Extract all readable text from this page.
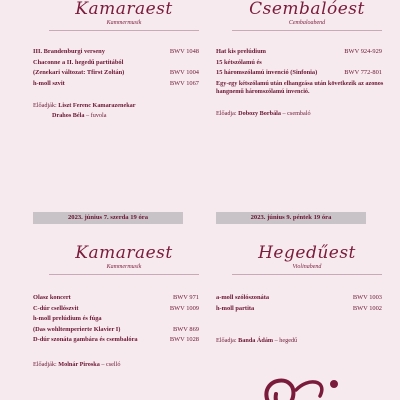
Kamaraest
Kammermusik
III. Brandenburgi verseny	BWV 1048
Chaconne a II. hegedű partitából
(Zenekari változat: Tfirst Zoltán)	BWV 1004
h-moll szvit	BWV 1067
Előadják: Liszt Ferenc Kamarazenekar
Drahos Béla – fuvola
Csembalóest
Cembaloabend
Hat kis prelúdium	BWV 924-929
15 kétszólamú és
15 háromszólamú invenció (Sinfonia)	BWV 772-801
Egy-egy kétszólamú után elhangzása után következik az azonos hangnemű háromszólamú invenció.
Előadja: Dobozy Borbála – csembaló
2023. június 7. szerda 19 óra	2023. június 9. péntek 19 óra
Kamaraest
Kammermusik
Olasz koncert	BWV 971
C-dúr csellószvit	BWV 1009
h-moll prelúdium és fúga
(Das wohltemperierte Klavier I)	BWV 869
D-dúr szonáta gambára és csembalóra	BWV 1028
Előadják: Molnár Piroska – cselló
Hegedűest
Violinabend
a-moll szólószonáta	BWV 1003
h-moll partita	BWV 1002
Előadja: Banda Ádám – hegedű
